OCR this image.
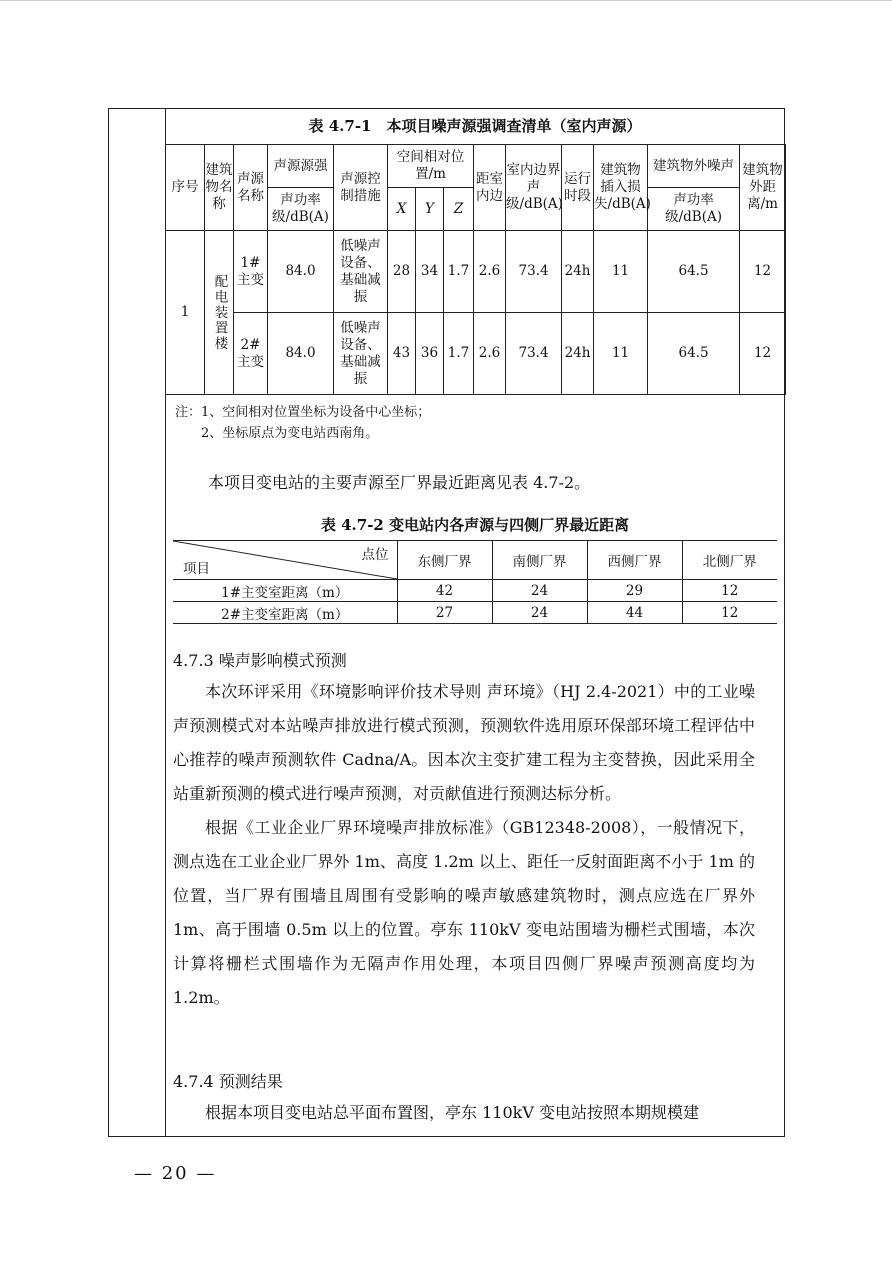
表 4.7-1　本项目噪声源强调查清单（室内声源）
序号	建筑物名称	声源名称	声源源强	声源控制措施	空间相对位置/m			距室内边	室内边界声级/dB(A)	运行时段	建筑物插入损失/dB(A)	建筑物外噪声	建筑物外距离/m
			声功率级/dB(A)		X	Y	Z					声功率级/dB(A)	
1	配电装置楼	1#主变	84.0	低噪声设备、基础减振	28	34	1.7	2.6	73.4	24h	11	64.5	12
		2#主变	84.0	低噪声设备、基础减振	43	36	1.7	2.6	73.4	24h	11	64.5	12
注：1、空间相对位置坐标为设备中心坐标；
2、坐标原点为变电站西南角。
本项目变电站的主要声源至厂界最近距离见表 4.7-2。
表 4.7-2 变电站内各声源与四侧厂界最近距离
点位
项目	东侧厂界	南侧厂界	西侧厂界	北侧厂界
1#主变室距离（m）	42	24	29	12
2#主变室距离（m）	27	24	44	12
4.7.3 噪声影响模式预测

本次环评采用《环境影响评价技术导则 声环境》（HJ 2.4-2021）中的工业噪声预测模式对本站噪声排放进行模式预测，预测软件选用原环保部环境工程评估中心推荐的噪声预测软件 Cadna/A。因本次主变扩建工程为主变替换，因此采用全站重新预测的模式进行噪声预测，对贡献值进行预测达标分析。

根据《工业企业厂界环境噪声排放标准》（GB12348-2008），一般情况下，测点选在工业企业厂界外 1m、高度 1.2m 以上、距任一反射面距离不小于 1m 的位置，当厂界有围墙且周围有受影响的噪声敏感建筑物时，测点应选在厂界外 1m、高于围墙 0.5m 以上的位置。亭东 110kV 变电站围墙为栅栏式围墙，本次计算将栅栏式围墙作为无隔声作用处理，本项目四侧厂界噪声预测高度均为 1.2m。

4.7.4 预测结果

根据本项目变电站总平面布置图，亭东 110kV 变电站按照本期规模建

— 20 —
